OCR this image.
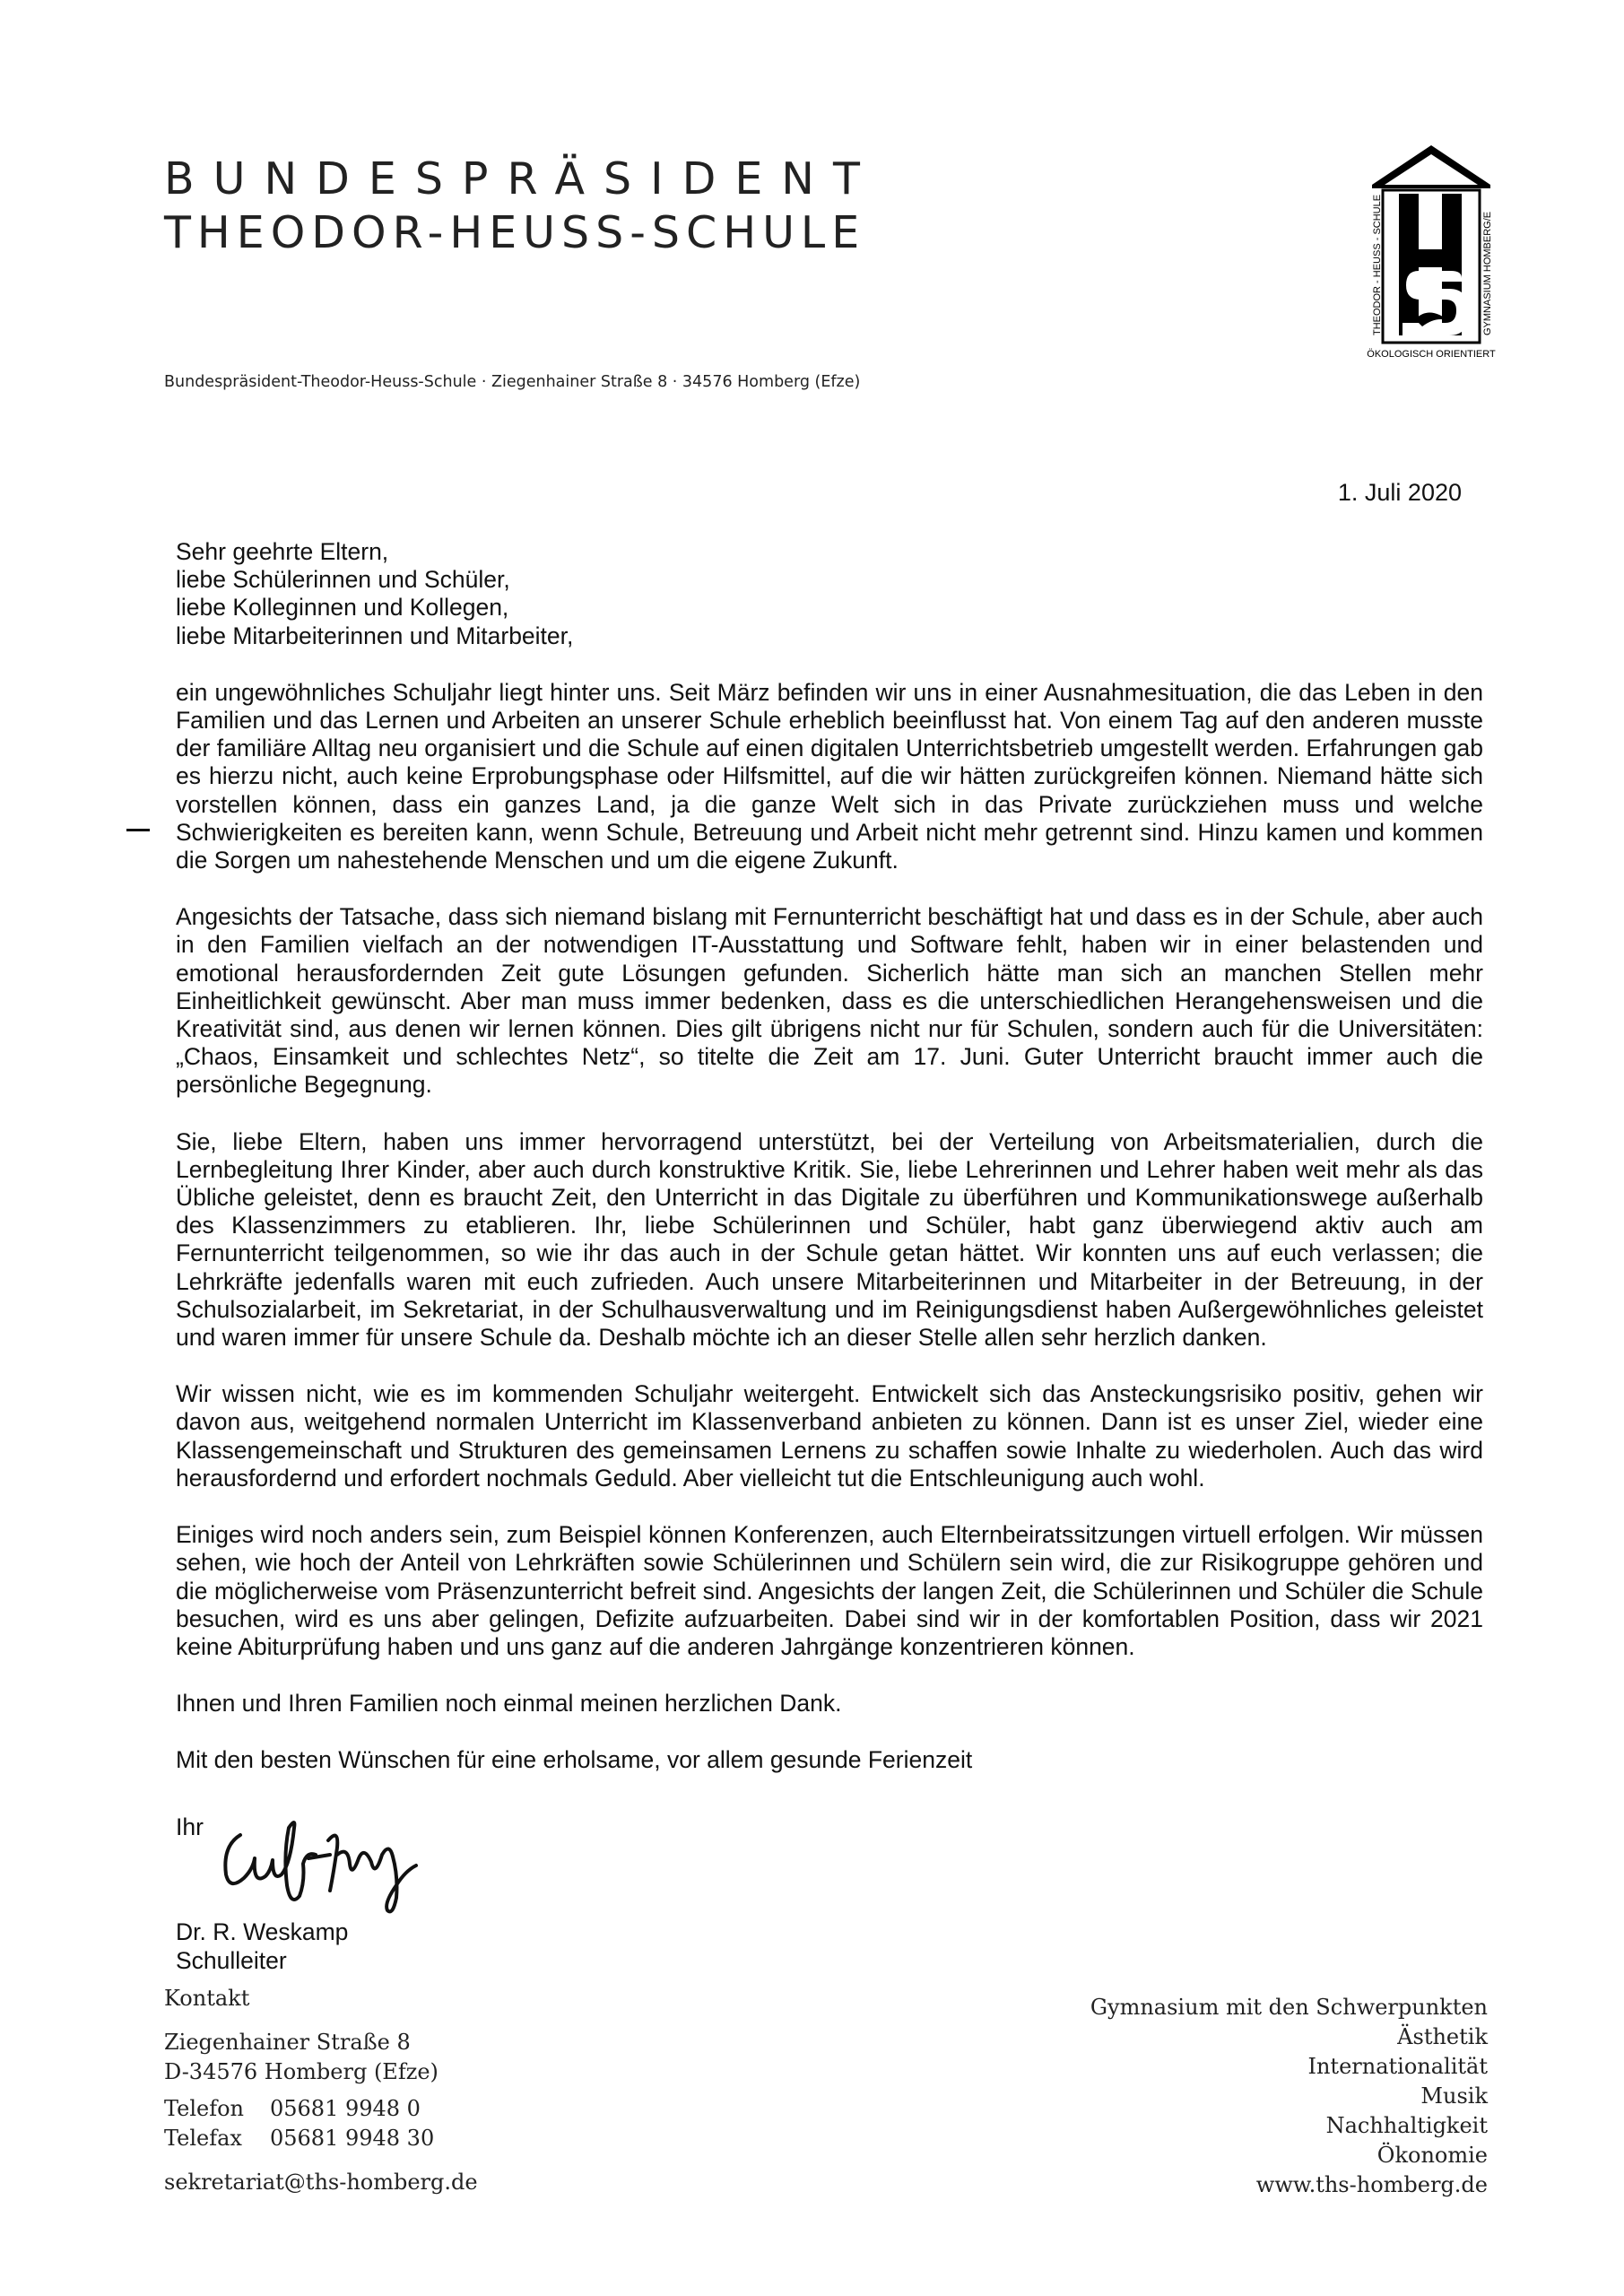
BUNDESPRÄSIDENT
THEODOR-HEUSS-SCHULE
Bundespräsident-Theodor-Heuss-Schule · Ziegenhainer Straße 8 · 34576 Homberg (Efze)
THEODOR - HEUSS - SCHULE	GYMNASIUM HOMBERG/E
ÖKOLOGISCH ORIENTIERT
1. Juli 2020
Sehr geehrte Eltern,
liebe Schülerinnen und Schüler,
liebe Kolleginnen und Kollegen,
liebe Mitarbeiterinnen und Mitarbeiter,

ein ungewöhnliches Schuljahr liegt hinter uns. Seit März befinden wir uns in einer Ausnahmesituation, die das Leben in den Familien und das Lernen und Arbeiten an unserer Schule erheblich beeinflusst hat. Von einem Tag auf den anderen musste der familiäre Alltag neu organisiert und die Schule auf einen digitalen Unterrichtsbetrieb umgestellt werden. Erfahrungen gab es hierzu nicht, auch keine Erprobungsphase oder Hilfsmittel, auf die wir hätten zurückgreifen können. Niemand hätte sich vorstellen können, dass ein ganzes Land, ja die ganze Welt sich in das Private zurückziehen muss und welche Schwierigkeiten es bereiten kann, wenn Schule, Betreuung und Arbeit nicht mehr getrennt sind. Hinzu kamen und kommen die Sorgen um nahestehende Menschen und um die eigene Zukunft.

Angesichts der Tatsache, dass sich niemand bislang mit Fernunterricht beschäftigt hat und dass es in der Schule, aber auch in den Familien vielfach an der notwendigen IT-Ausstattung und Software fehlt, haben wir in einer belastenden und emotional herausfordernden Zeit gute Lösungen gefunden. Sicherlich hätte man sich an manchen Stellen mehr Einheitlichkeit gewünscht. Aber man muss immer bedenken, dass es die unterschiedlichen Herangehensweisen und die Kreativität sind, aus denen wir lernen können. Dies gilt übrigens nicht nur für Schulen, sondern auch für die Universitäten: „Chaos, Einsamkeit und schlechtes Netz“, so titelte die Zeit am 17. Juni. Guter Unterricht braucht immer auch die persönliche Begegnung.

Sie, liebe Eltern, haben uns immer hervorragend unterstützt, bei der Verteilung von Arbeitsmaterialien, durch die Lernbegleitung Ihrer Kinder, aber auch durch konstruktive Kritik. Sie, liebe Lehrerinnen und Lehrer haben weit mehr als das Übliche geleistet, denn es braucht Zeit, den Unterricht in das Digitale zu überführen und Kommunikationswege außerhalb des Klassenzimmers zu etablieren. Ihr, liebe Schülerinnen und Schüler, habt ganz überwiegend aktiv auch am Fernunterricht teilgenommen, so wie ihr das auch in der Schule getan hättet. Wir konnten uns auf euch verlassen; die Lehrkräfte jedenfalls waren mit euch zufrieden. Auch unsere Mitarbeiterinnen und Mitarbeiter in der Betreuung, in der Schulsozialarbeit, im Sekretariat, in der Schulhausverwaltung und im Reinigungsdienst haben Außergewöhnliches geleistet und waren immer für unsere Schule da. Deshalb möchte ich an dieser Stelle allen sehr herzlich danken.

Wir wissen nicht, wie es im kommenden Schuljahr weitergeht. Entwickelt sich das Ansteckungsrisiko positiv, gehen wir davon aus, weitgehend normalen Unterricht im Klassenverband anbieten zu können. Dann ist es unser Ziel, wieder eine Klassengemeinschaft und Strukturen des gemeinsamen Lernens zu schaffen sowie Inhalte zu wiederholen. Auch das wird herausfordernd und erfordert nochmals Geduld. Aber vielleicht tut die Entschleunigung auch wohl.

Einiges wird noch anders sein, zum Beispiel können Konferenzen, auch Elternbeiratssitzungen virtuell erfolgen. Wir müssen sehen, wie hoch der Anteil von Lehrkräften sowie Schülerinnen und Schülern sein wird, die zur Risikogruppe gehören und die möglicherweise vom Präsenzunterricht befreit sind. Angesichts der langen Zeit, die Schülerinnen und Schüler die Schule besuchen, wird es uns aber gelingen, Defizite aufzuarbeiten. Dabei sind wir in der komfortablen Position, dass wir 2021 keine Abiturprüfung haben und uns ganz auf die anderen Jahrgänge konzentrieren können.

Ihnen und Ihren Familien noch einmal meinen herzlichen Dank.

Mit den besten Wünschen für eine erholsame, vor allem gesunde Ferienzeit

Ihr
Dr. R. Weskamp
Schulleiter
Kontakt
Ziegenhainer Straße 8
D-34576 Homberg (Efze)
Telefon 05681 9948 0
Telefax 05681 9948 30
sekretariat@ths-homberg.de
Gymnasium mit den Schwerpunkten
Ästhetik
Internationalität
Musik
Nachhaltigkeit
Ökonomie
www.ths-homberg.de
